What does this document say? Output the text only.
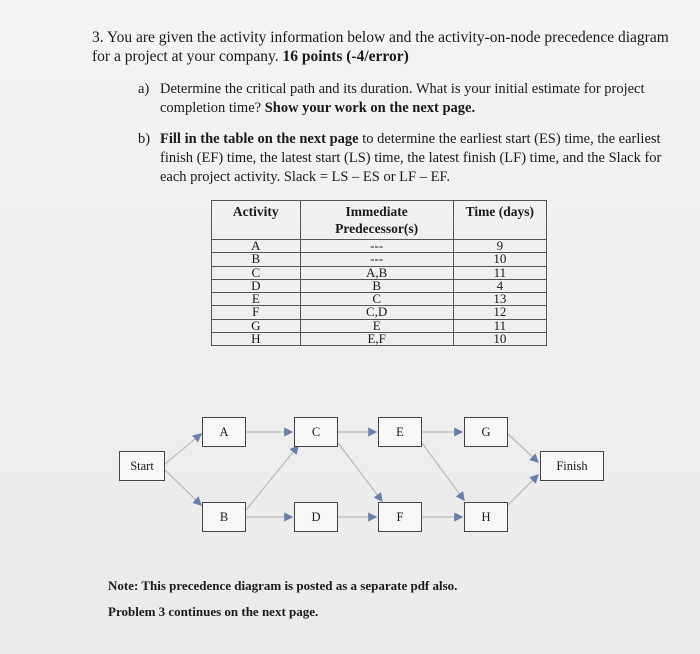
3. You are given the activity information below and the activity-on-node precedence diagram for a project at your company. 16 points (-4/error)
a) Determine the critical path and its duration. What is your initial estimate for project completion time? Show your work on the next page.
b) Fill in the table on the next page to determine the earliest start (ES) time, the earliest finish (EF) time, the latest start (LS) time, the latest finish (LF) time, and the Slack for each project activity. Slack = LS – ES or LF – EF.
Activity	Immediate Predecessor(s)	Time (days)
A	---	9
B	---	10
C	A,B	11
D	B	4
E	C	13
F	C,D	12
G	E	11
H	E,F	10
Start
A
B
C
D
E
F
G
H
Finish
Note: This precedence diagram is posted as a separate pdf also.
Problem 3 continues on the next page.
